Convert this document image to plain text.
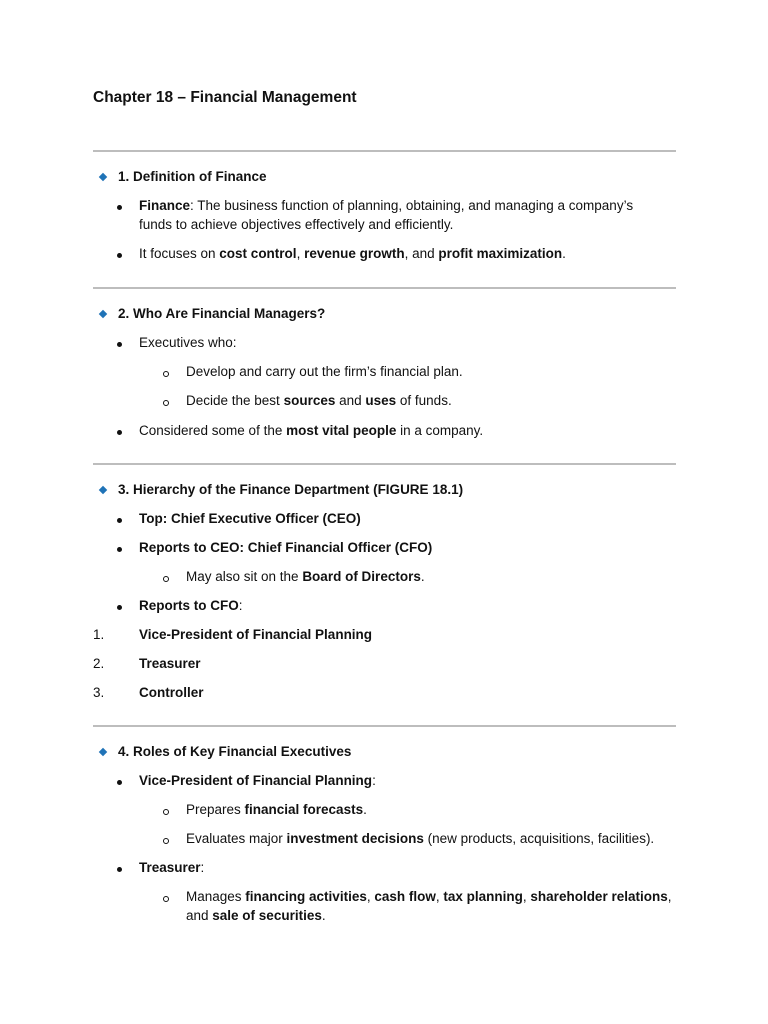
Chapter 18 – Financial Management
1. Definition of Finance
Finance: The business function of planning, obtaining, and managing a company’s
funds to achieve objectives effectively and efficiently.
It focuses on cost control, revenue growth, and profit maximization.
2. Who Are Financial Managers?
Executives who:
Develop and carry out the firm’s financial plan.
Decide the best sources and uses of funds.
Considered some of the most vital people in a company.
3. Hierarchy of the Finance Department (FIGURE 18.1)
Top: Chief Executive Officer (CEO)
Reports to CEO: Chief Financial Officer (CFO)
May also sit on the Board of Directors.
Reports to CFO:
1.	Vice-President of Financial Planning
2.	Treasurer
3.	Controller
4. Roles of Key Financial Executives
Vice-President of Financial Planning:
Prepares financial forecasts.
Evaluates major investment decisions (new products, acquisitions, facilities).
Treasurer:
Manages financing activities, cash flow, tax planning, shareholder relations,
and sale of securities.
